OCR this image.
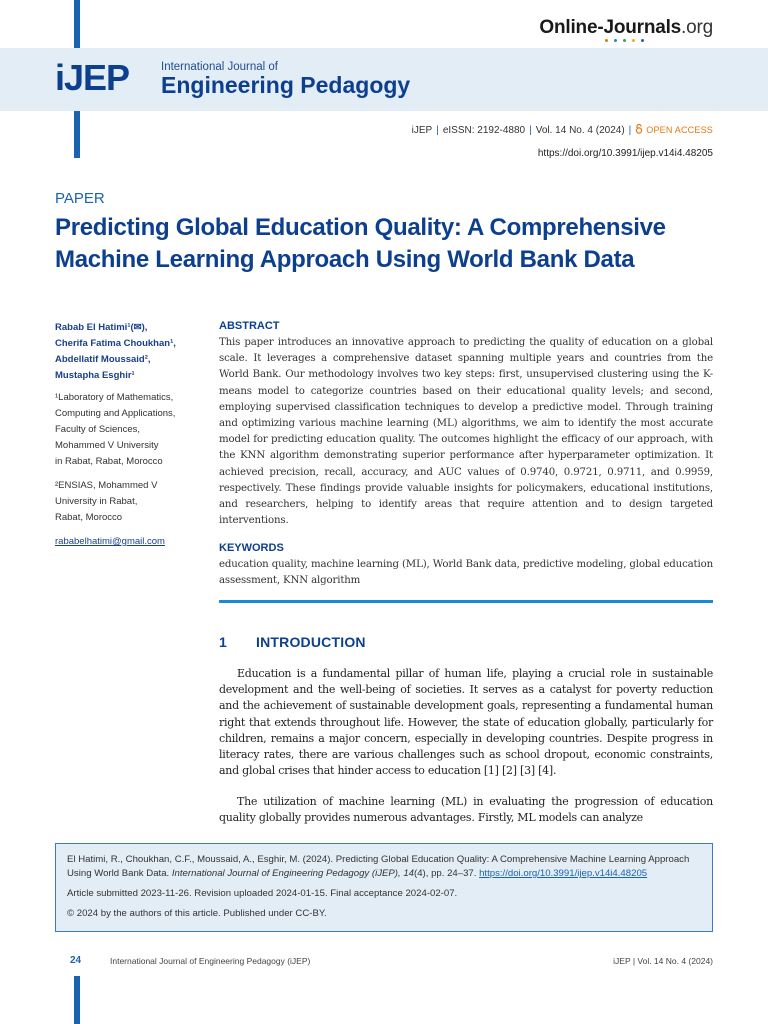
Online-Journals.org
iJEP	International Journal of
Engineering Pedagogy
iJEP | eISSN: 2192-4880 | Vol. 14 No. 4 (2024) | OPEN ACCESS
https://doi.org/10.3991/ijep.v14i4.48205
PAPER
Predicting Global Education Quality: A Comprehensive Machine Learning Approach Using World Bank Data
Rabab El Hatimi¹(✉),
Cherifa Fatima Choukhan¹,
Abdellatif Moussaid²,
Mustapha Esghir¹
¹Laboratory of Mathematics,
Computing and Applications,
Faculty of Sciences,
Mohammed V University
in Rabat, Rabat, Morocco
²ENSIAS, Mohammed V
University in Rabat,
Rabat, Morocco
rababelhatimi@gmail.com
ABSTRACT
This paper introduces an innovative approach to predicting the quality of education on a global scale. It leverages a comprehensive dataset spanning multiple years and countries from the World Bank. Our methodology involves two key steps: first, unsupervised clustering using the K-means model to categorize countries based on their educational quality levels; and second, employing supervised classification techniques to develop a predictive model. Through training and optimizing various machine learning (ML) algorithms, we aim to identify the most accurate model for predicting education quality. The outcomes highlight the efficacy of our approach, with the KNN algorithm demonstrating superior performance after hyperparameter optimization. It achieved precision, recall, accuracy, and AUC values of 0.9740, 0.9721, 0.9711, and 0.9959, respectively. These findings provide valuable insights for policymakers, educational institutions, and researchers, helping to identify areas that require attention and to design targeted interventions.
KEYWORDS
education quality, machine learning (ML), World Bank data, predictive modeling, global education assessment, KNN algorithm
1 INTRODUCTION
Education is a fundamental pillar of human life, playing a crucial role in sustainable development and the well-being of societies. It serves as a catalyst for poverty reduction and the achievement of sustainable development goals, representing a fundamental human right that extends throughout life. However, the state of education globally, particularly for children, remains a major concern, especially in developing countries. Despite progress in literacy rates, there are various challenges such as school dropout, economic constraints, and global crises that hinder access to education [1] [2] [3] [4].
The utilization of machine learning (ML) in evaluating the progression of education quality globally provides numerous advantages. Firstly, ML models can analyze

El Hatimi, R., Choukhan, C.F., Moussaid, A., Esghir, M. (2024). Predicting Global Education Quality: A Comprehensive Machine Learning Approach Using World Bank Data. International Journal of Engineering Pedagogy (iJEP), 14(4), pp. 24–37. https://doi.org/10.3991/ijep.v14i4.48205

Article submitted 2023-11-26. Revision uploaded 2024-01-15. Final acceptance 2024-02-07.

© 2024 by the authors of this article. Published under CC-BY.

24	International Journal of Engineering Pedagogy (iJEP)	iJEP | Vol. 14 No. 4 (2024)
